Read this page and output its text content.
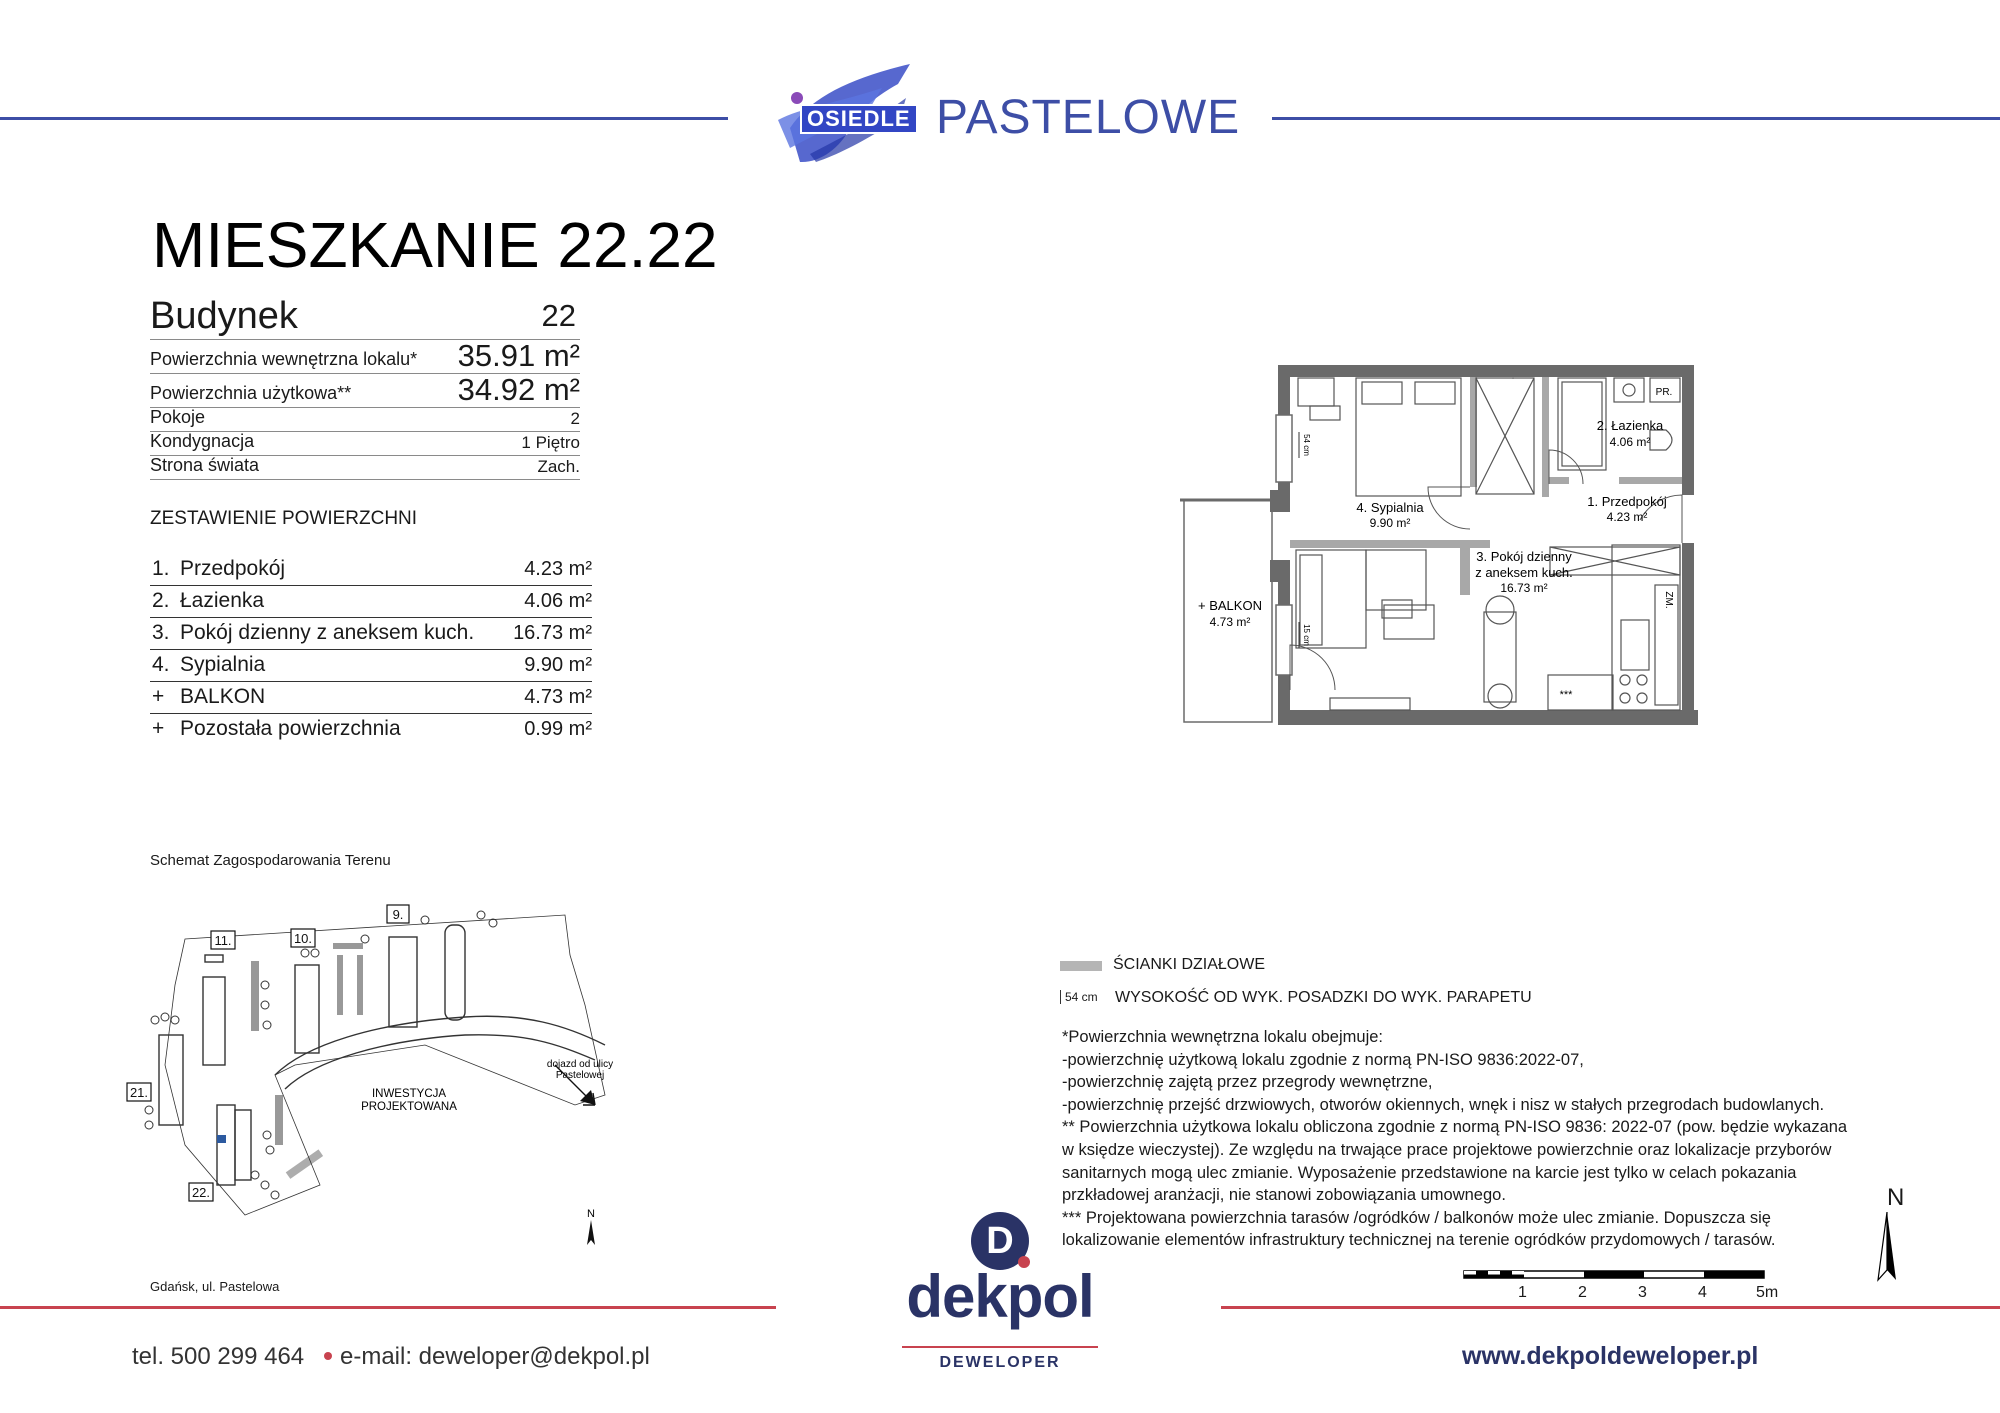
OSIEDLE PASTELOWE
MIESZKANIE 22.22
Budynek	22
Powierzchnia wewnętrzna lokalu* 35.91 m²
Powierzchnia użytkowa**	34.92 m²
Pokoje	2
Kondygnacja	1 Piętro
Strona świata	Zach.
ZESTAWIENIE POWIERZCHNI
1. Przedpokój	4.23 m²
2. Łazienka	4.06 m²
3. Pokój dzienny z aneksem kuch. 16.73 m²
4. Sypialnia	9.90 m²
+ BALKON	4.73 m²
+ Pozostała powierzchnia	0.99 m²
2. Łazienka
4.06 m²
1. Przedpokój
4.23 m²
4. Sypialnia
9.90 m²
3. Pokój dzienny
z aneksem kuch.
16.73 m²
+ BALKON
4.73 m²
PR.
ZM.
***
54 cm
15 cm
ŚCIANKI DZIAŁOWE
54 cm WYSOKOŚĆ OD WYK. POSADZKI DO WYK. PARAPETU
*Powierzchnia wewnętrzna lokalu obejmuje:
-powierzchnię użytkową lokalu zgodnie z normą PN-ISO 9836:2022-07,
-powierzchnię zajętą przez przegrody wewnętrzne,
-powierzchnię przejść drzwiowych, otworów okiennych, wnęk i nisz w stałych przegrodach budowlanych.
** Powierzchnia użytkowa lokalu obliczona zgodnie z normą PN-ISO 9836: 2022-07 (pow. będzie wykazana
w księdze wieczystej). Ze względu na trwające prace projektowe powierzchnie oraz lokalizacje przyborów
sanitarnych mogą ulec zmianie. Wyposażenie przedstawione na karcie jest tylko w celach pokazania
przkładowej aranżacji, nie stanowi zobowiązania umownego.
*** Projektowana powierzchnia tarasów /ogródków / balkonów może ulec zmianie. Dopuszcza się
lokalizowanie elementów infrastruktury technicznej na terenie ogródków przydomowych / tarasów.
1	2	3	4	5m
N
Schemat Zagospodarowania Terenu
11.	10.
9.
21.
22.
INWESTYCJA
PROJEKTOWANA
dojazd od ulicy
Pastelowej
N
Gdańsk, ul. Pastelowa
tel. 500 299 464 e-mail: deweloper@dekpol.pl
D
dekpol
DEWELOPER	www.dekpoldeweloper.pl
